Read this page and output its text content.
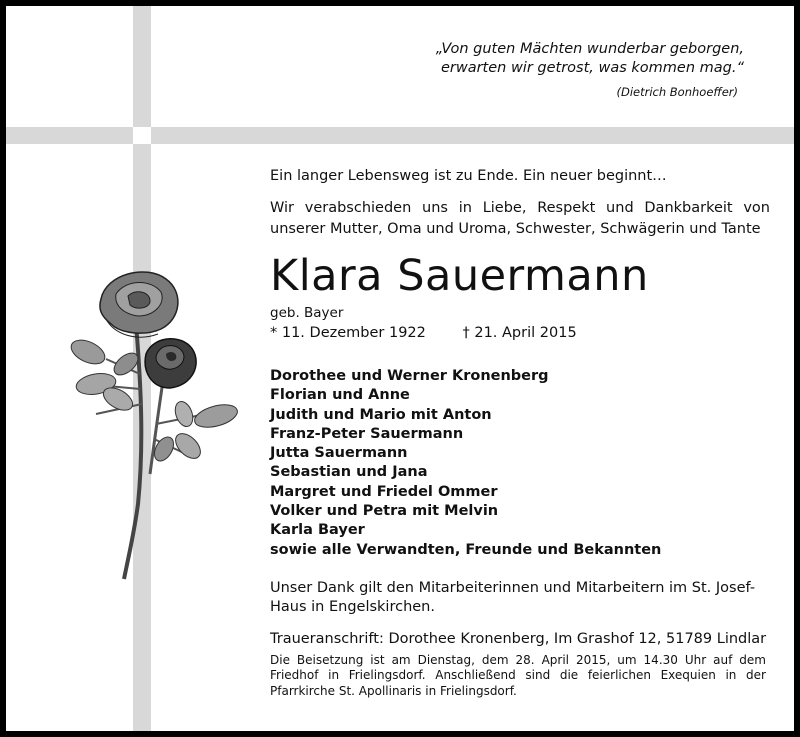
„Von guten Mächten wunderbar geborgen,
erwarten wir getrost, was kommen mag.“
(Dietrich Bonhoeffer)

Ein langer Lebensweg ist zu Ende. Ein neuer beginnt…

Wir verabschieden uns in Liebe, Respekt und Dankbarkeit von unserer Mutter, Oma und Uroma, Schwester, Schwägerin und Tante

Klara Sauermann
geb. Bayer
* 11. Dezember 1922	† 21. April 2015
Dorothee und Werner Kronenberg
Florian und Anne
Judith und Mario mit Anton
Franz-Peter Sauermann
Jutta Sauermann
Sebastian und Jana
Margret und Friedel Ommer
Volker und Petra mit Melvin
Karla Bayer
sowie alle Verwandten, Freunde und Bekannten

Unser Dank gilt den Mitarbeiterinnen und Mitarbeitern im St. Josef-Haus in Engelskirchen.

Traueranschrift: Dorothee Kronenberg, Im Grashof 12, 51789 Lindlar

Die Beisetzung ist am Dienstag, dem 28. April 2015, um 14.30 Uhr auf dem Friedhof in Frielingsdorf. Anschließend sind die feierlichen Exequien in der Pfarrkirche St. Apollinaris in Frielingsdorf.
